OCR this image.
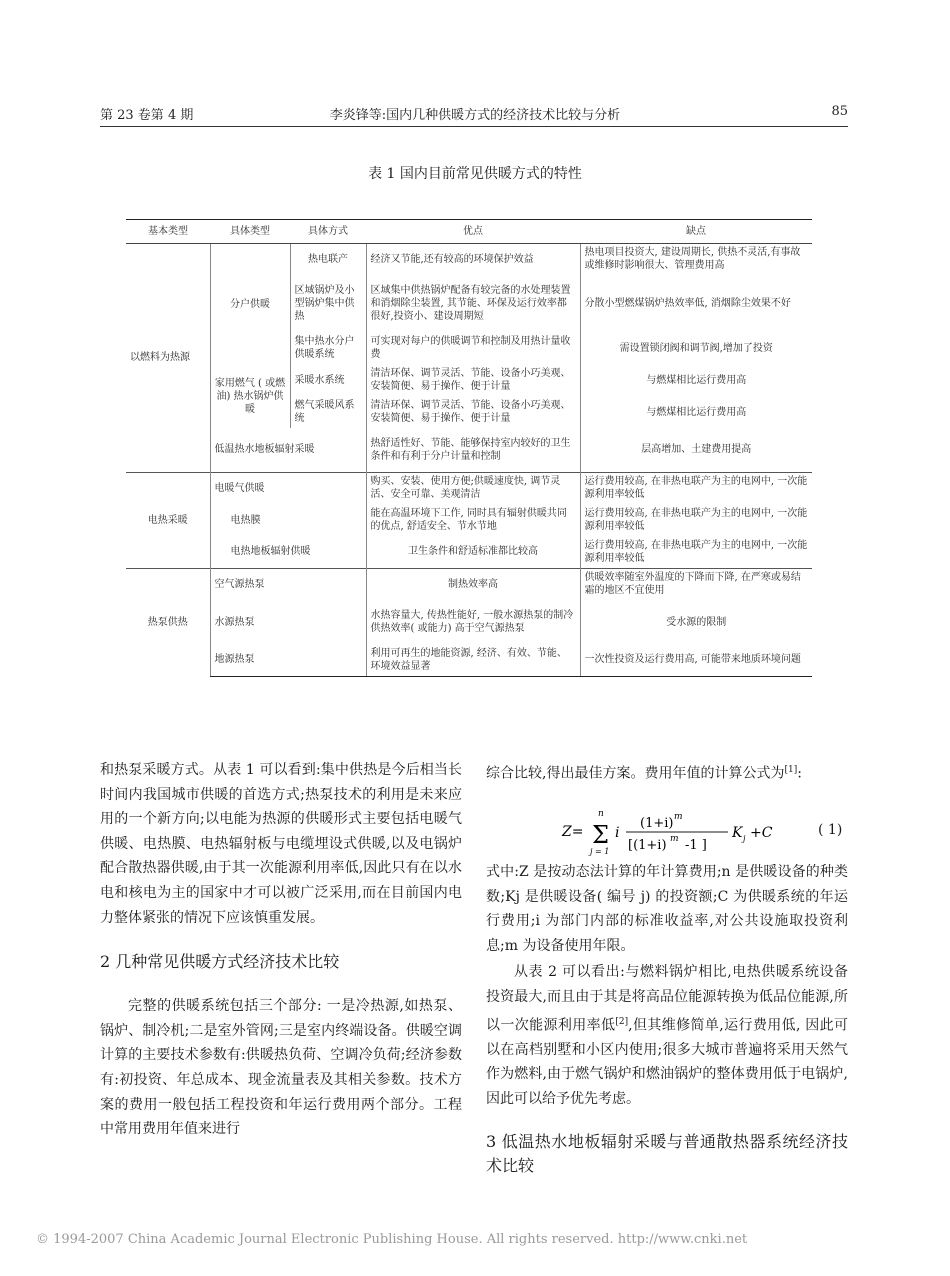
第 23 卷第 4 期	李炎锋等:国内几种供暖方式的经济技术比较与分析	85
表 1 国内目前常见供暖方式的特性
基本类型	具体类型	具体方式	优点	缺点
以燃料为热源	分户供暖	热电联产	经济又节能,还有较高的环境保护效益	热电项目投资大, 建设周期长, 供热不灵活,有事故或维修时影响很大、管理费用高
		区域锅炉及小型锅炉集中供热	区域集中供热锅炉配备有较完备的水处理装置和消烟除尘装置, 其节能、环保及运行效率都很好,投资小、建设周期短	分散小型燃煤锅炉热效率低, 消烟除尘效果不好
		集中热水分户供暖系统	可实现对每户的供暖调节和控制及用热计量收费	需设置锁闭阀和调节阀,增加了投资
	家用燃气 ( 或燃油) 热水锅炉供暖	采暖水系统	清洁环保、调节灵活、节能、设备小巧美观、安装简便、易于操作、便于计量	与燃煤相比运行费用高
		燃气采暖风系统	清洁环保、调节灵活、节能、设备小巧美观、安装简便、易于操作、便于计量	与燃煤相比运行费用高
	低温热水地板辐射采暖		热舒适性好、节能、能够保持室内较好的卫生条件和有利于分户计量和控制	层高增加、土建费用提高
电热采暖	电暖气供暖		购买、安装、使用方便;供暖速度快, 调节灵活、安全可靠、美观清洁	运行费用较高, 在非热电联产为主的电网中, 一次能源利用率较低
	电热膜		能在高温环境下工作, 同时具有辐射供暖共同的优点, 舒适安全、节水节地	运行费用较高, 在非热电联产为主的电网中, 一次能源利用率较低
	电热地板辐射供暖		卫生条件和舒适标准都比较高	运行费用较高, 在非热电联产为主的电网中, 一次能源利用率较低
热泵供热	空气源热泵		制热效率高	供暖效率随室外温度的下降而下降, 在严寒或易结霜的地区不宜使用
	水源热泵		水热容量大, 传热性能好, 一般水源热泵的制冷供热效率( 或能力) 高于空气源热泵	受水源的限制
	地源热泵		利用可再生的地能资源, 经济、有效、节能、环境效益显著	一次性投资及运行费用高, 可能带来地质环境问题

和热泵采暖方式。从表 1 可以看到:集中供热是今后相当长时间内我国城市供暖的首选方式;热泵技术的利用是未来应用的一个新方向;以电能为热源的供暖形式主要包括电暖气供暖、电热膜、电热辐射板与电缆埋设式供暖,以及电锅炉配合散热器供暖,由于其一次能源利用率低,因此只有在以水电和核电为主的国家中才可以被广泛采用,而在目前国内电力整体紧张的情况下应该慎重发展。

2 几种常见供暖方式经济技术比较

完整的供暖系统包括三个部分: 一是冷热源,如热泵、锅炉、制冷机;二是室外管网;三是室内终端设备。供暖空调计算的主要技术参数有:供暖热负荷、空调冷负荷;经济参数有:初投资、年总成本、现金流量表及其相关参数。技术方案的费用一般包括工程投资和年运行费用两个部分。工程中常用费用年值来进行

综合比较,得出最佳方案。费用年值的计算公式为[1]:

Z= Σ
n
j = 1
i
(1+i) m
[(1+i) m -1 ]
K j +C	( 1)

式中:Z 是按动态法计算的年计算费用;n 是供暖设备的种类数;Kj 是供暖设备( 编号 j) 的投资额;C 为供暖系统的年运行费用;i 为部门内部的标准收益率,对公共设施取投资利息;m 为设备使用年限。

从表 2 可以看出:与燃料锅炉相比,电热供暖系统设备投资最大,而且由于其是将高品位能源转换为低品位能源,所以一次能源利用率低[2],但其维修简单,运行费用低, 因此可以在高档别墅和小区内使用;很多大城市普遍将采用天然气作为燃料,由于燃气锅炉和燃油锅炉的整体费用低于电锅炉,因此可以给予优先考虑。

3 低温热水地板辐射采暖与普通散热器系统经济技术比较

© 1994-2007 China Academic Journal Electronic Publishing House. All rights reserved. http://www.cnki.net
